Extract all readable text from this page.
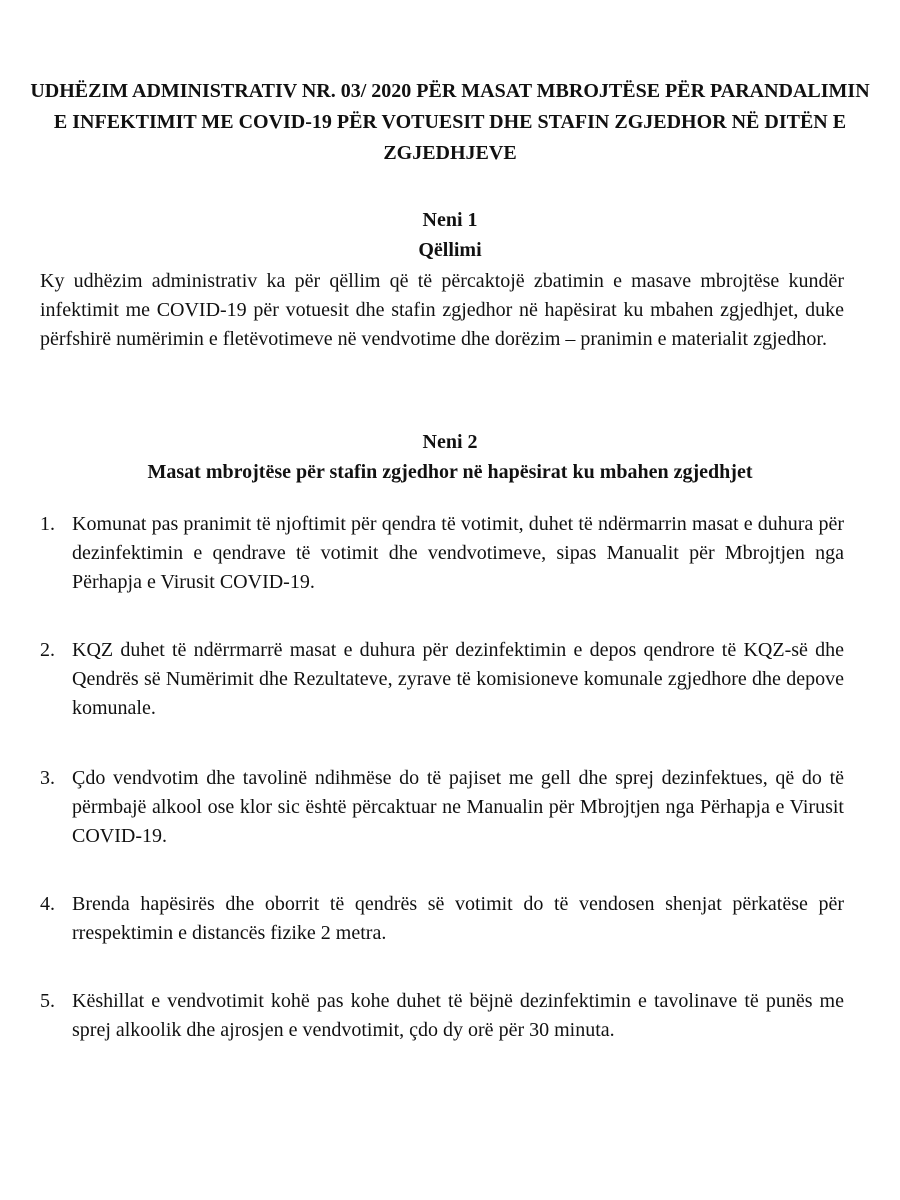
UDHËZIM ADMINISTRATIV NR. 03/ 2020 PËR MASAT MBROJTËSE PËR PARANDALIMIN E INFEKTIMIT ME COVID-19 PËR VOTUESIT DHE STAFIN ZGJEDHOR NË DITËN E ZGJEDHJEVE
Neni 1
Qëllimi

Ky udhëzim administrativ ka për qëllim që të përcaktojë zbatimin e masave mbrojtëse kundër infektimit me COVID-19 për votuesit dhe stafin zgjedhor në hapësirat ku mbahen zgjedhjet, duke përfshirë numërimin e fletëvotimeve në vendvotime dhe dorëzim – pranimin e materialit zgjedhor.

Neni 2
Masat mbrojtëse për stafin zgjedhor në hapësirat ku mbahen zgjedhjet
1. Komunat pas pranimit të njoftimit për qendra të votimit, duhet të ndërmarrin masat e duhura për dezinfektimin e qendrave të votimit dhe vendvotimeve, sipas Manualit për Mbrojtjen nga Përhapja e Virusit COVID-19.
2. KQZ duhet të ndërrmarrë masat e duhura për dezinfektimin e depos qendrore të KQZ-së dhe Qendrës së Numërimit dhe Rezultateve, zyrave të komisioneve komunale zgjedhore dhe depove komunale.
3. Çdo vendvotim dhe tavolinë ndihmëse do të pajiset me gell dhe sprej dezinfektues, që do të përmbajë alkool ose klor sic është përcaktuar ne Manualin për Mbrojtjen nga Përhapja e Virusit COVID-19.
4. Brenda hapësirës dhe oborrit të qendrës së votimit do të vendosen shenjat përkatëse për rrespektimin e distancës fizike 2 metra.
5. Këshillat e vendvotimit kohë pas kohe duhet të bëjnë dezinfektimin e tavolinave të punës me sprej alkoolik dhe ajrosjen e vendvotimit, çdo dy orë për 30 minuta.
